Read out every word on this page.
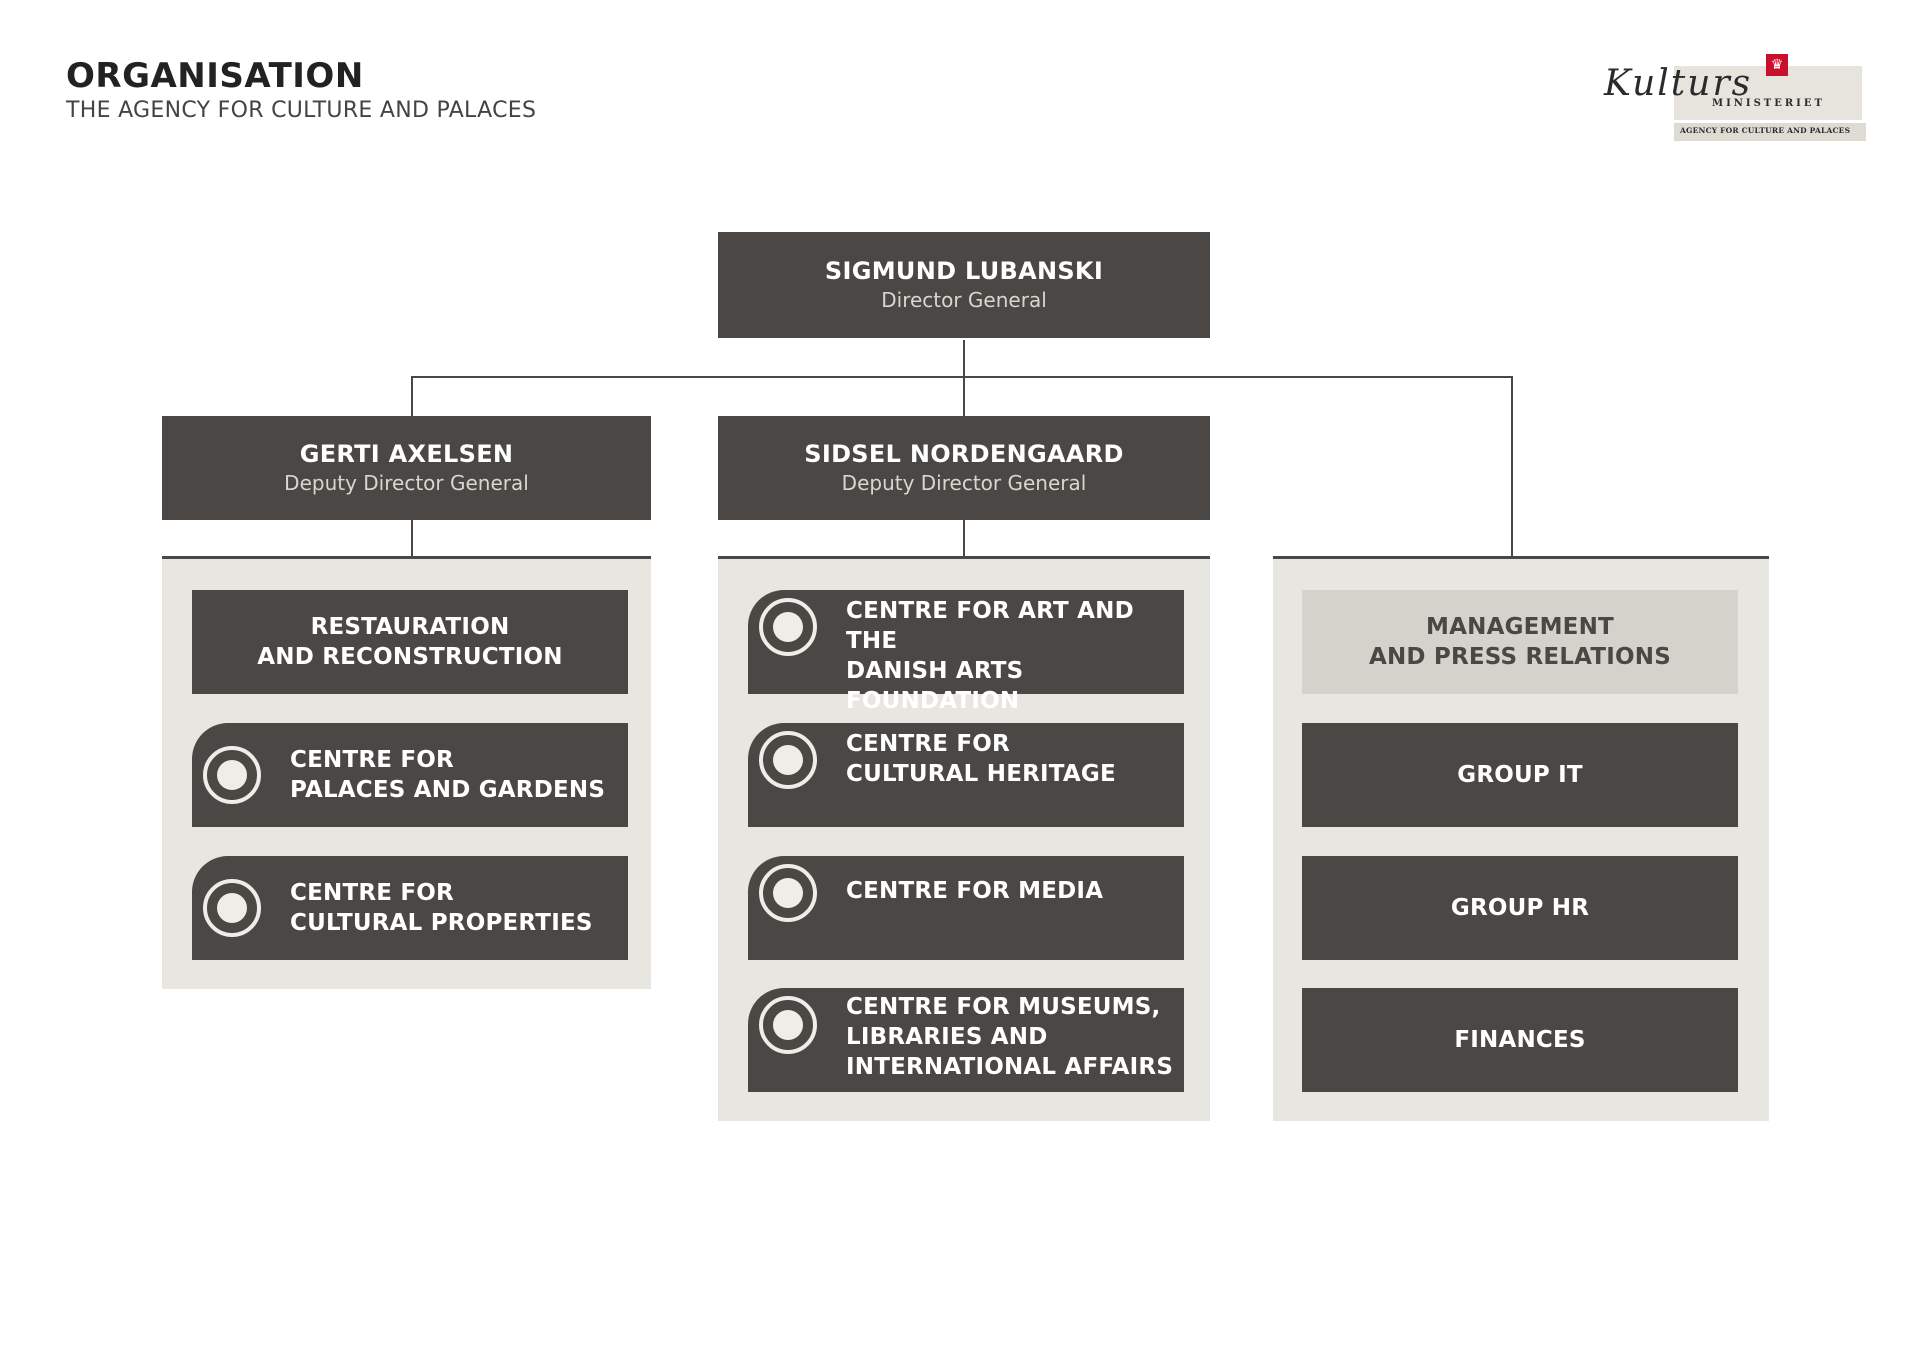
ORGANISATION
THE AGENCY FOR CULTURE AND PALACES
Kulturs	♛
MINISTERIET
AGENCY FOR CULTURE AND PALACES
SIGMUND LUBANSKI
Director General
GERTI AXELSEN
Deputy Director General
SIDSEL NORDENGAARD
Deputy Director General
RESTAURATION
AND RECONSTRUCTION
CENTRE FOR
PALACES AND GARDENS
CENTRE FOR
CULTURAL PROPERTIES
CENTRE FOR ART AND THE
DANISH ARTS FOUNDATION
CENTRE FOR
CULTURAL HERITAGE
CENTRE FOR MEDIA
CENTRE FOR MUSEUMS,
LIBRARIES AND
INTERNATIONAL AFFAIRS
MANAGEMENT
AND PRESS RELATIONS
GROUP IT
GROUP HR
FINANCES
